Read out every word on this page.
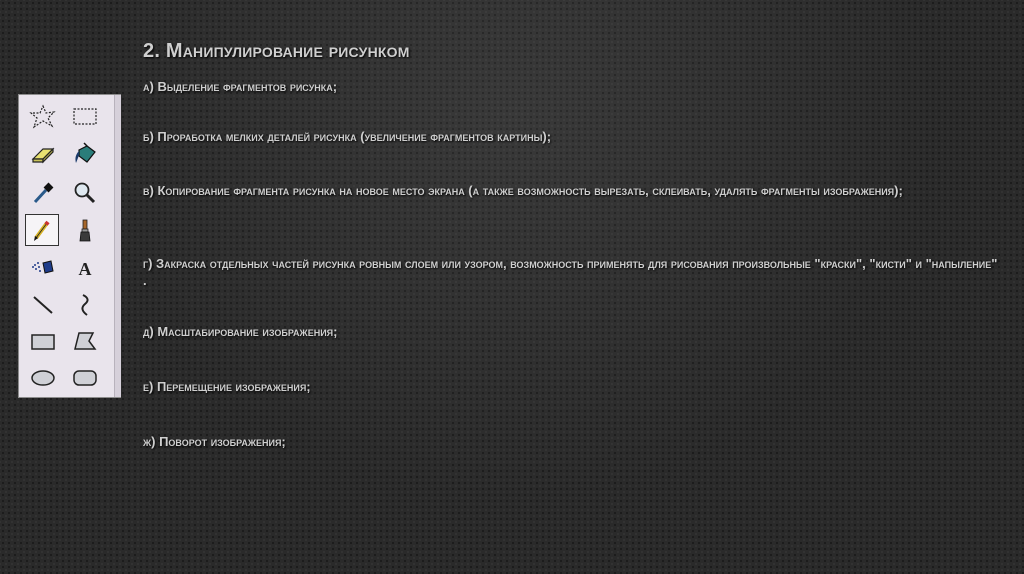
2. Манипулирование рисунком
а) Выделение фрагментов рисунка;
б) Проработка мелких деталей рисунка (увеличение фрагментов картины);
в) Копирование фрагмента рисунка на новое место экрана (а также возможность вырезать, склеивать, удалять фрагменты изображения);
г) Закраска отдельных частей рисунка ровным слоем или узором, возможность применять для рисования произвольные "краски", "кисти" и "напыление" .
д) Масштабирование изображения;
е) Перемещение изображения;
ж) Поворот изображения;
A
